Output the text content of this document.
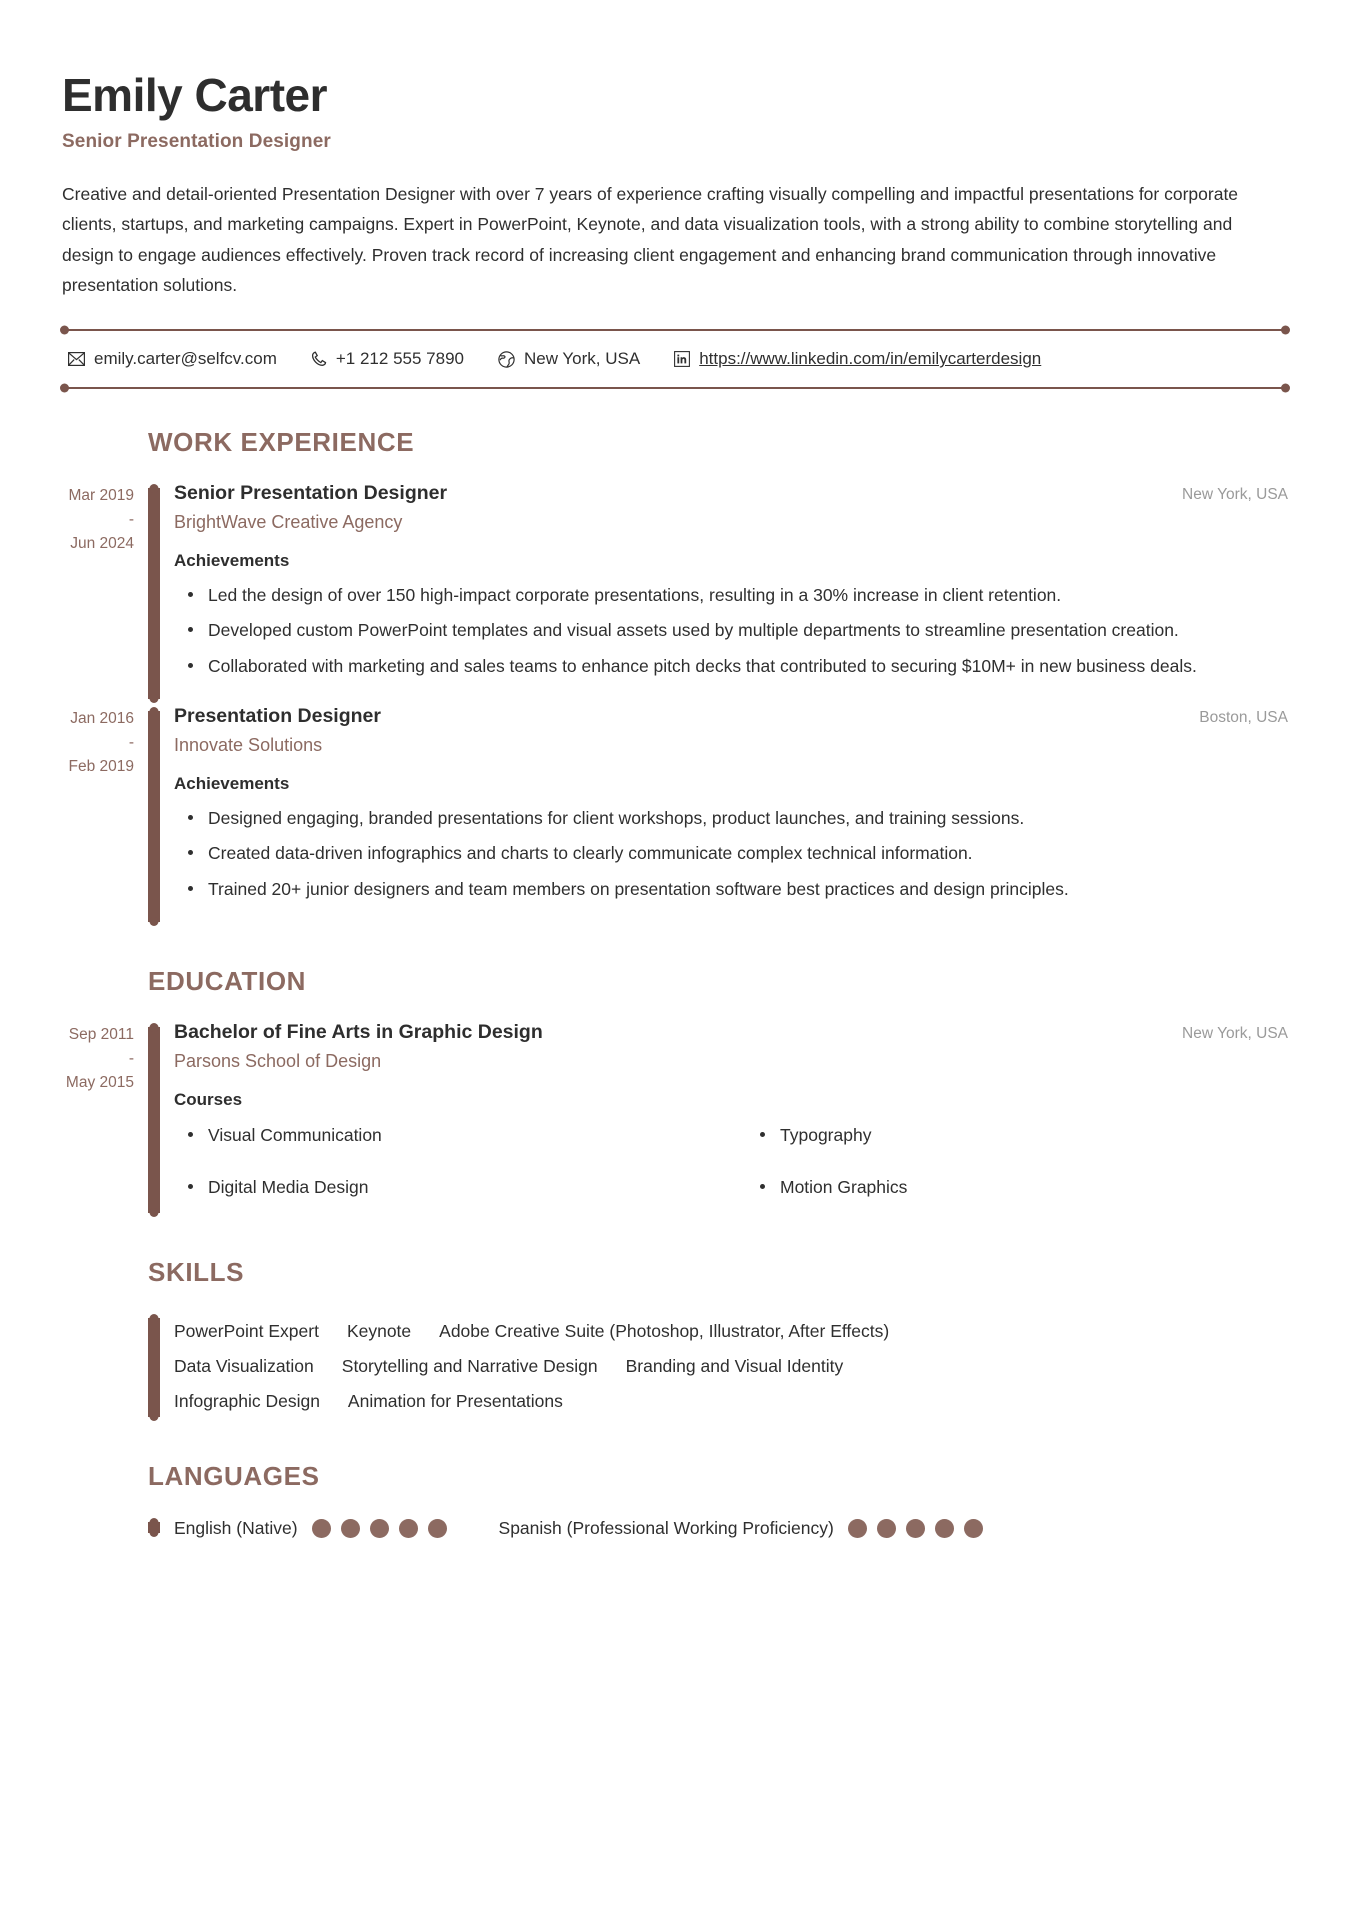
Emily Carter
Senior Presentation Designer

Creative and detail-oriented Presentation Designer with over 7 years of experience crafting visually compelling and impactful presentations for corporate clients, startups, and marketing campaigns. Expert in PowerPoint, Keynote, and data visualization tools, with a strong ability to combine storytelling and design to engage audiences effectively. Proven track record of increasing client engagement and enhancing brand communication through innovative presentation solutions.

emily.carter@selfcv.com	+1 212 555 7890	New York, USA	https://www.linkedin.com/in/emilycarterdesign
WORK EXPERIENCE
Mar 2019
-
Jun 2024
Senior Presentation Designer	New York, USA
BrightWave Creative Agency
Achievements
Led the design of over 150 high-impact corporate presentations, resulting in a 30% increase in client retention.
Developed custom PowerPoint templates and visual assets used by multiple departments to streamline presentation creation.
Collaborated with marketing and sales teams to enhance pitch decks that contributed to securing $10M+ in new business deals.
Jan 2016
-
Feb 2019
Presentation Designer	Boston, USA
Innovate Solutions
Achievements
Designed engaging, branded presentations for client workshops, product launches, and training sessions.
Created data-driven infographics and charts to clearly communicate complex technical information.
Trained 20+ junior designers and team members on presentation software best practices and design principles.
EDUCATION
Sep 2011
-
May 2015
Bachelor of Fine Arts in Graphic Design	New York, USA
Parsons School of Design
Courses
Visual Communication	Typography
Digital Media Design	Motion Graphics
SKILLS
PowerPoint Expert Keynote Adobe Creative Suite (Photoshop, Illustrator, After Effects)
Data Visualization Storytelling and Narrative Design Branding and Visual Identity
Infographic Design Animation for Presentations
LANGUAGES
English (Native)	Spanish (Professional Working Proficiency)
